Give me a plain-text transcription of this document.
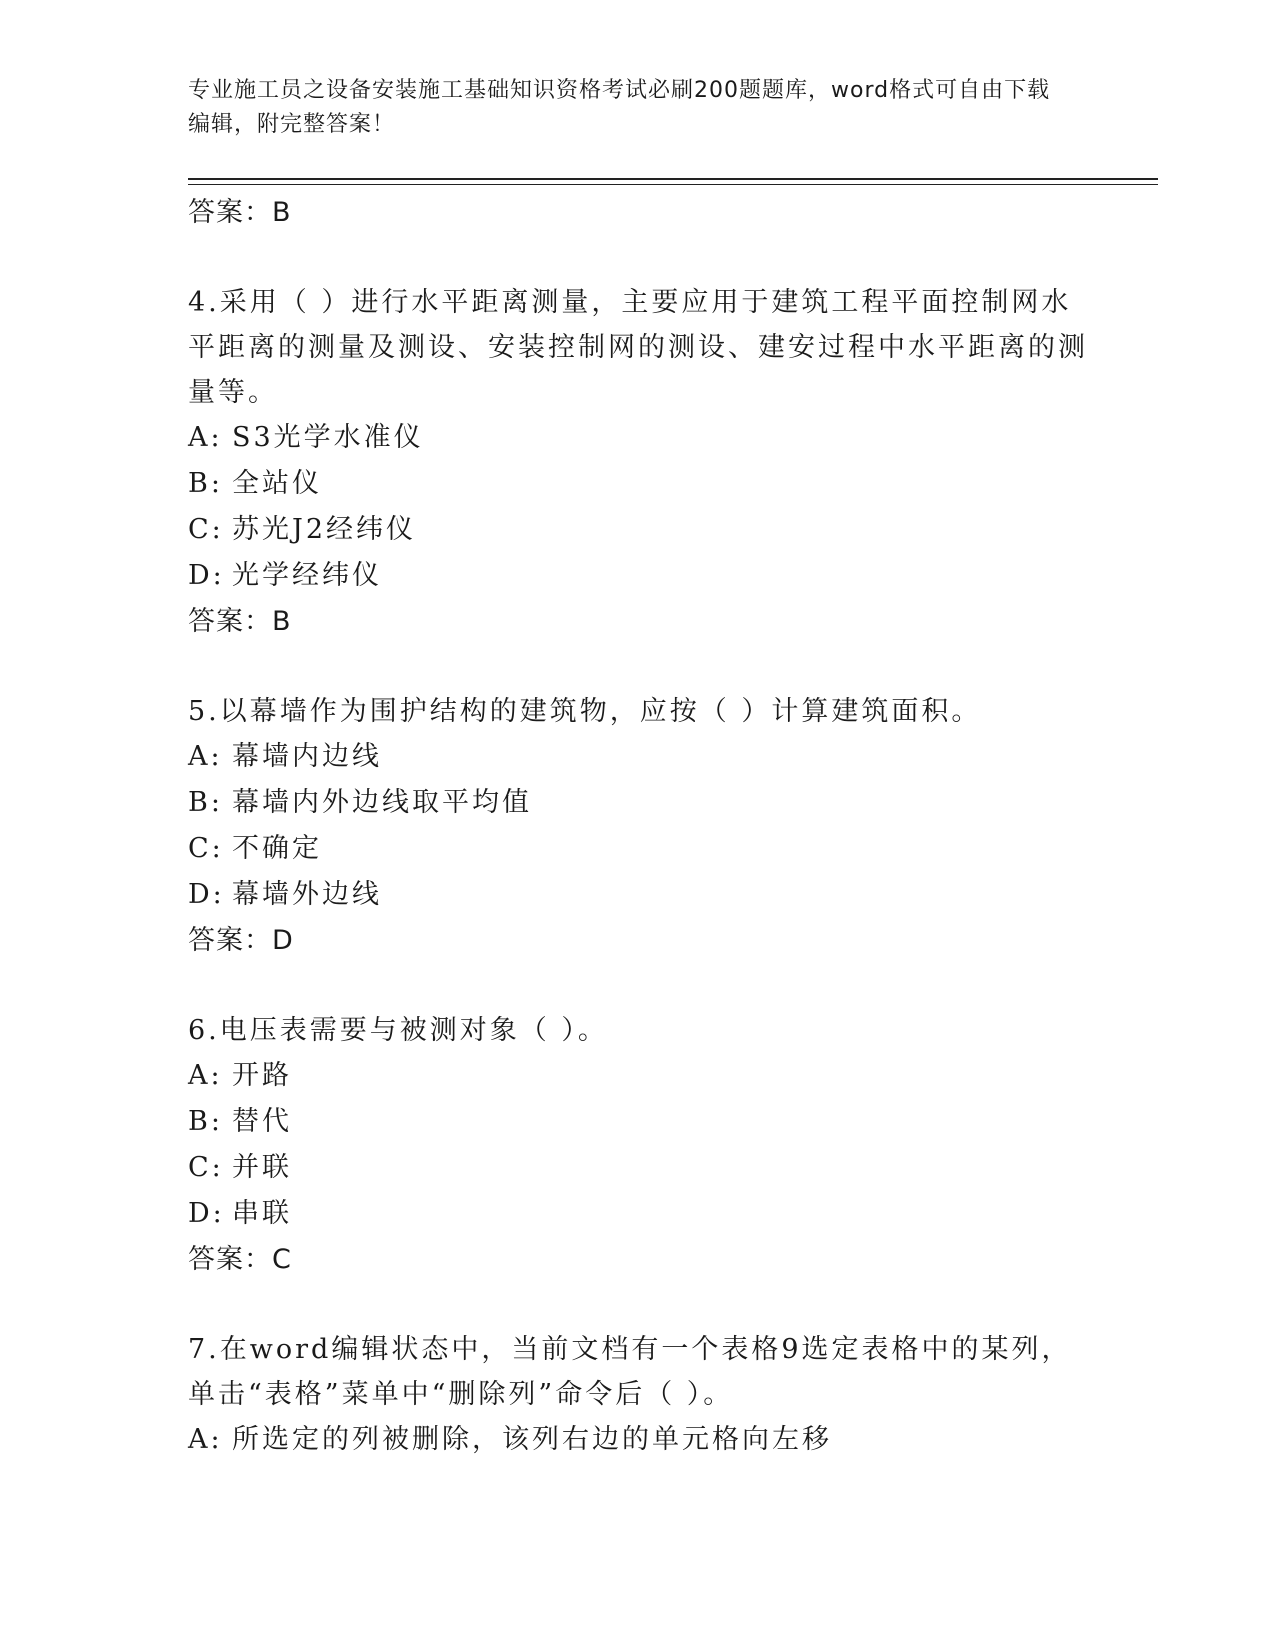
专业施工员之设备安装施工基础知识资格考试必刷200题题库，word格式可自由下载编辑，附完整答案！
答案：B
4.采用（ ）进行水平距离测量，主要应用于建筑工程平面控制网水平距离的测量及测设、安装控制网的测设、建安过程中水平距离的测量等。
A: S3光学水准仪
B: 全站仪
C: 苏光J2经纬仪
D: 光学经纬仪
答案：B
5.以幕墙作为围护结构的建筑物，应按（ ）计算建筑面积。
A: 幕墙内边线
B: 幕墙内外边线取平均值
C: 不确定
D: 幕墙外边线
答案：D
6.电压表需要与被测对象（ ）。
A: 开路
B: 替代
C: 并联
D: 串联
答案：C
7.在word编辑状态中，当前文档有一个表格9选定表格中的某列，单击“表格”菜单中“删除列”命令后（ ）。
A: 所选定的列被删除，该列右边的单元格向左移
